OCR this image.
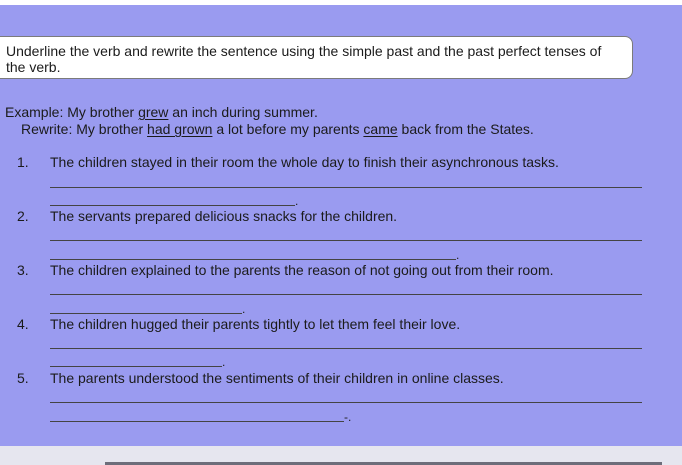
Underline the verb and rewrite the sentence using the simple past and the past perfect tenses of the verb.
Example: My brother grew an inch during summer.
Rewrite: My brother had grown a lot before my parents came back from the States.
1. The children stayed in their room the whole day to finish their asynchronous tasks.
.
2. The servants prepared delicious snacks for the children.
.
3. The children explained to the parents the reason of not going out from their room.
.
4. The children hugged their parents tightly to let them feel their love.
.
5. The parents understood the sentiments of their children in online classes.
-.
